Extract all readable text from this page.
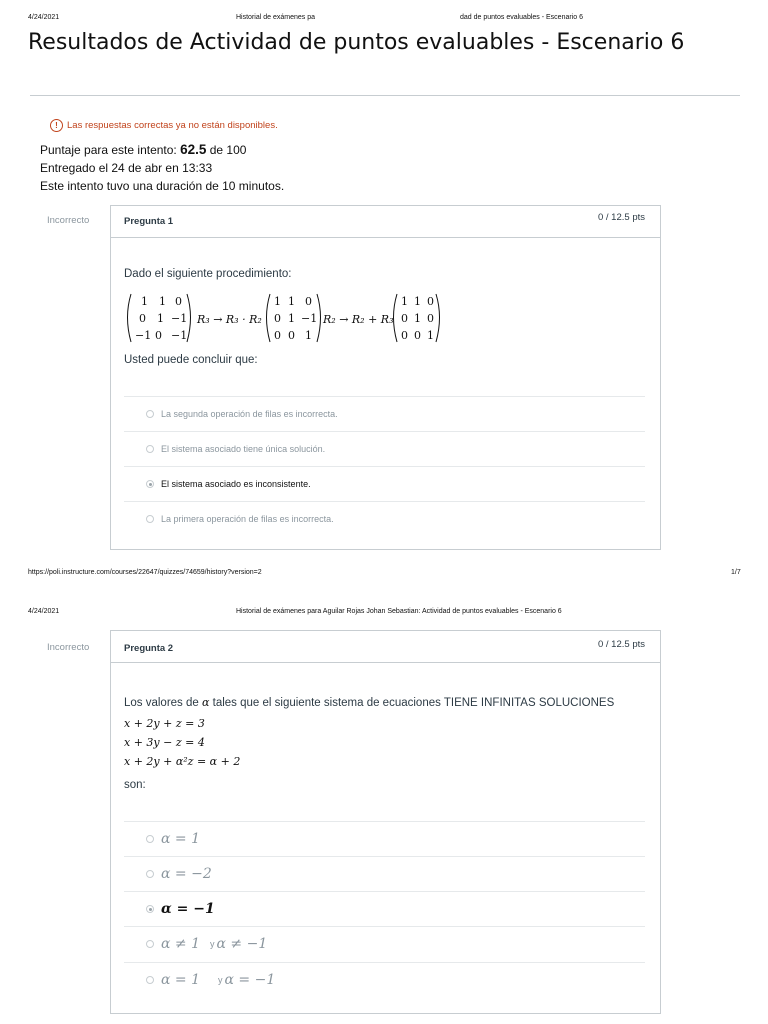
4/24/2021	Historial de exámenes pa	dad de puntos evaluables - Escenario 6
Resultados de Actividad de puntos evaluables - Escenario 6
! Las respuestas correctas ya no están disponibles.
Puntaje para este intento: 62.5 de 100
Entregado el 24 de abr en 13:33
Este intento tuvo una duración de 10 minutos.
Incorrecto	Pregunta 1	0 / 12.5 pts
Dado el siguiente procedimiento:
1 1 0
0 1 −1
−1 0 −1
R₃ → R₃ · R₂
1 1 0
0 1 −1
0 0 1
R₂ → R₂ + R₃
1 1 0
0 1 0
0 0 1
Usted puede concluir que:
La segunda operación de filas es incorrecta.
El sistema asociado tiene única solución.
El sistema asociado es inconsistente.
La primera operación de filas es incorrecta.
https://poli.instructure.com/courses/22647/quizzes/74659/history?version=2	1/7
4/24/2021	Historial de exámenes para Aguilar Rojas Johan Sebastian: Actividad de puntos evaluables - Escenario 6
Incorrecto	Pregunta 2	0 / 12.5 pts
Los valores de α tales que el siguiente sistema de ecuaciones TIENE INFINITAS SOLUCIONES
x + 2y + z = 3
x + 3y − z = 4
x + 2y + α²z = α + 2
son:
α = 1
α = −2
α = −1
α ≠ 1 y α ≠ −1
α = 1 y α = −1
